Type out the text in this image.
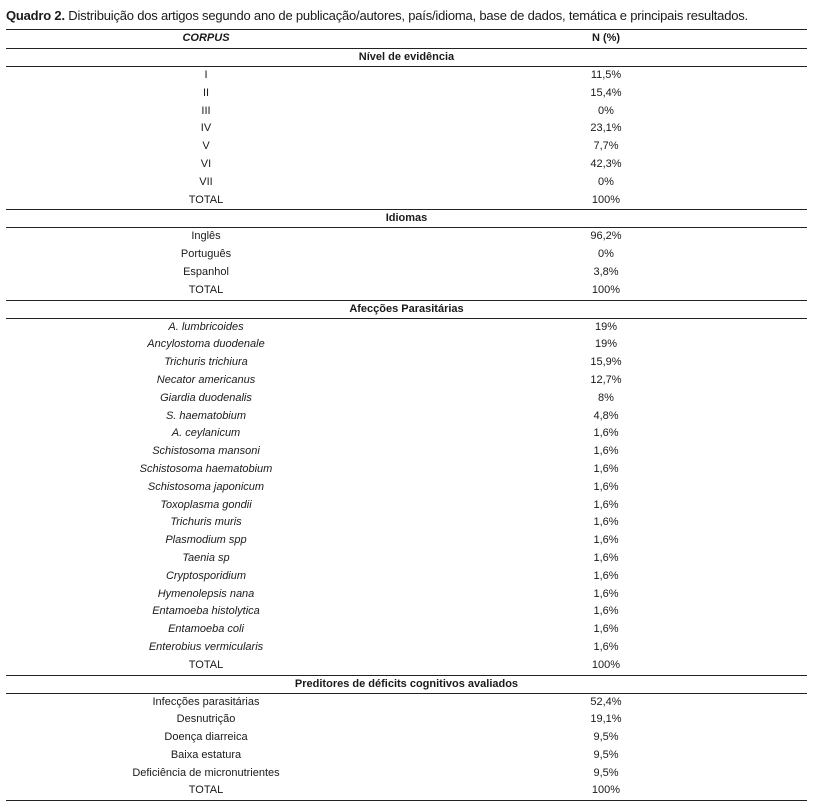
Quadro 2. Distribuição dos artigos segundo ano de publicação/autores, país/idioma, base de dados, temática e principais resultados.
CORPUS	N (%)
Nível de evidência
I	11,5%
II	15,4%
III	0%
IV	23,1%
V	7,7%
VI	42,3%
VII	0%
TOTAL	100%
Idiomas
Inglês	96,2%
Português	0%
Espanhol	3,8%
TOTAL	100%
Afecções Parasitárias
A. lumbricoides	19%
Ancylostoma duodenale	19%
Trichuris trichiura	15,9%
Necator americanus	12,7%
Giardia duodenalis	8%
S. haematobium	4,8%
A. ceylanicum	1,6%
Schistosoma mansoni	1,6%
Schistosoma haematobium	1,6%
Schistosoma japonicum	1,6%
Toxoplasma gondii	1,6%
Trichuris muris	1,6%
Plasmodium spp	1,6%
Taenia sp	1,6%
Cryptosporidium	1,6%
Hymenolepsis nana	1,6%
Entamoeba histolytica	1,6%
Entamoeba coli	1,6%
Enterobius vermicularis	1,6%
TOTAL	100%
Preditores de déficits cognitivos avaliados
Infecções parasitárias	52,4%
Desnutrição	19,1%
Doença diarreica	9,5%
Baixa estatura	9,5%
Deficiência de micronutrientes	9,5%
TOTAL	100%
